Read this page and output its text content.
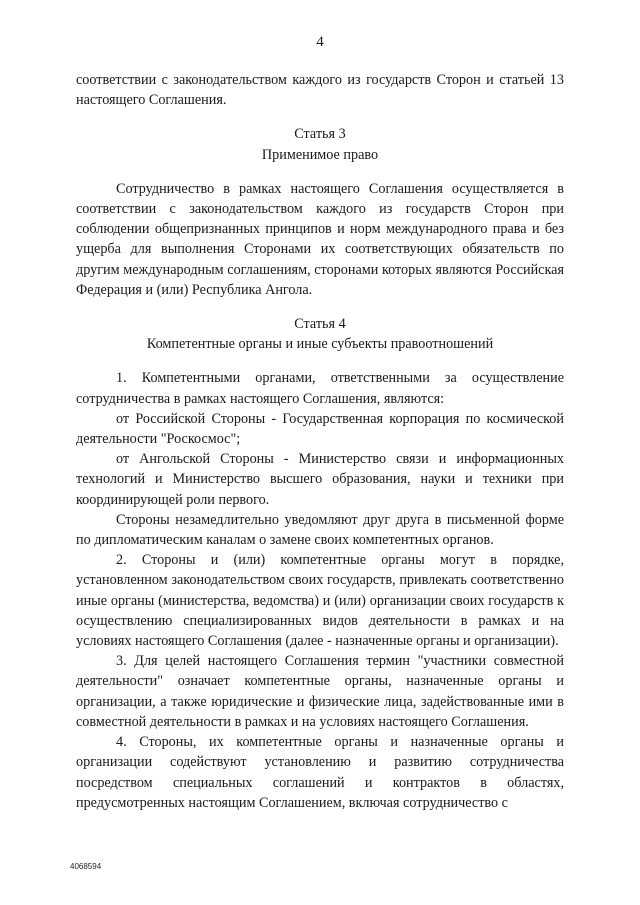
4

соответствии с законодательством каждого из государств Сторон и статьей 13 настоящего Соглашения.

Статья 3

Применимое право

Сотрудничество в рамках настоящего Соглашения осуществляется в соответствии с законодательством каждого из государств Сторон при соблюдении общепризнанных принципов и норм международного права и без ущерба для выполнения Сторонами их соответствующих обязательств по другим международным соглашениям, сторонами которых являются Российская Федерация и (или) Республика Ангола.

Статья 4

Компетентные органы и иные субъекты правоотношений

1. Компетентными органами, ответственными за осуществление сотрудничества в рамках настоящего Соглашения, являются:

от Российской Стороны - Государственная корпорация по космической деятельности "Роскосмос";

от Ангольской Стороны - Министерство связи и информационных технологий и Министерство высшего образования, науки и техники при координирующей роли первого.

Стороны незамедлительно уведомляют друг друга в письменной форме по дипломатическим каналам о замене своих компетентных органов.

2. Стороны и (или) компетентные органы могут в порядке, установленном законодательством своих государств, привлекать соответственно иные органы (министерства, ведомства) и (или) организации своих государств к осуществлению специализированных видов деятельности в рамках и на условиях настоящего Соглашения (далее - назначенные органы и организации).

3. Для целей настоящего Соглашения термин "участники совместной деятельности" означает компетентные органы, назначенные органы и организации, а также юридические и физические лица, задействованные ими в совместной деятельности в рамках и на условиях настоящего Соглашения.

4. Стороны, их компетентные органы и назначенные органы и организации содействуют установлению и развитию сотрудничества посредством специальных соглашений и контрактов в областях, предусмотренных настоящим Соглашением, включая сотрудничество с

4068594
